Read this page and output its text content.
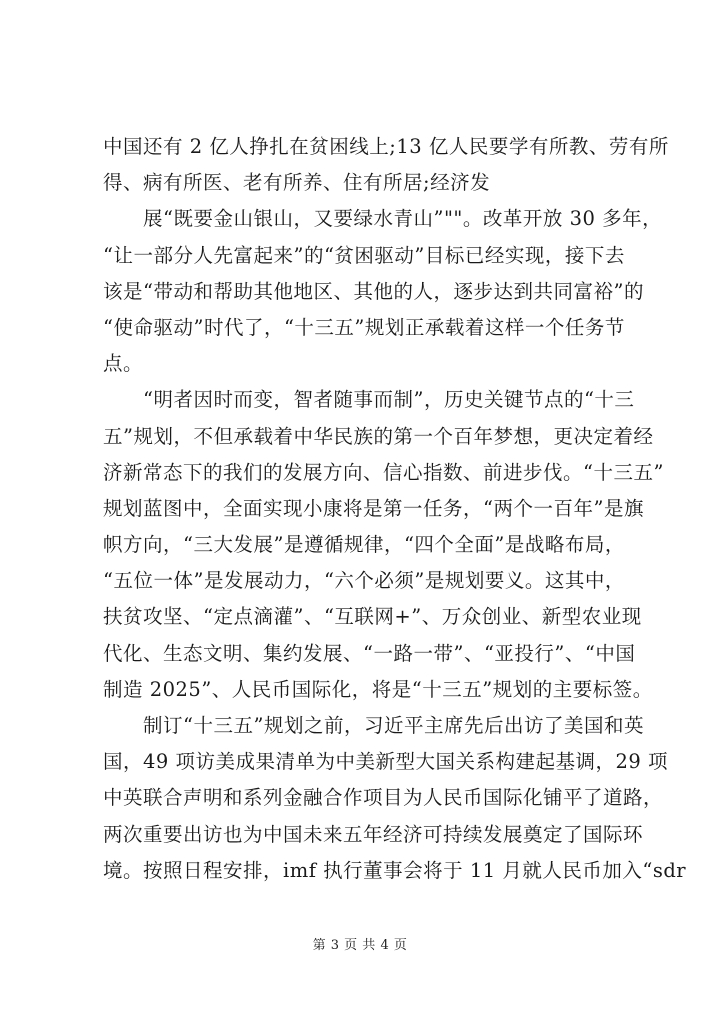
中国还有 2 亿人挣扎在贫困线上;13 亿人民要学有所教、劳有所
得、病有所医、老有所养、住有所居;经济发
展“既要金山银山，又要绿水青山”""。改革开放 30 多年，
“让一部分人先富起来”的“贫困驱动”目标已经实现，接下去
该是“带动和帮助其他地区、其他的人，逐步达到共同富裕”的
“使命驱动”时代了，“十三五”规划正承载着这样一个任务节
点。
“明者因时而变，智者随事而制”，历史关键节点的“十三
五”规划，不但承载着中华民族的第一个百年梦想，更决定着经
济新常态下的我们的发展方向、信心指数、前进步伐。“十三五”
规划蓝图中，全面实现小康将是第一任务，“两个一百年”是旗
帜方向，“三大发展”是遵循规律，“四个全面”是战略布局，
“五位一体”是发展动力，“六个必须”是规划要义。这其中，
扶贫攻坚、“定点滴灌”、“互联网+”、万众创业、新型农业现
代化、生态文明、集约发展、“一路一带”、“亚投行”、“中国
制造 2025”、人民币国际化，将是“十三五”规划的主要标签。
制订“十三五”规划之前，习近平主席先后出访了美国和英
国，49 项访美成果清单为中美新型大国关系构建起基调，29 项
中英联合声明和系列金融合作项目为人民币国际化铺平了道路，
两次重要出访也为中国未来五年经济可持续发展奠定了国际环
境。按照日程安排，imf 执行董事会将于 11 月就人民币加入“sdr
第 3 页 共 4 页
